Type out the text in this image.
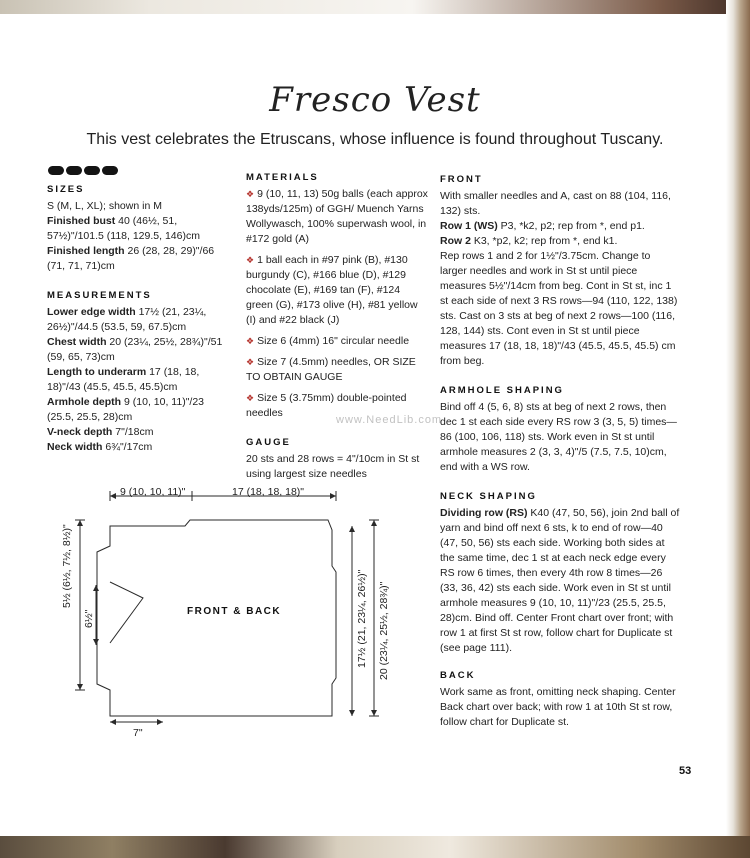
Fresco Vest
This vest celebrates the Etruscans, whose influence is found throughout Tuscany.
SIZES

S (M, L, XL); shown in M

Finished bust 40 (46½, 51, 57½)"/101.5 (118, 129.5, 146)cm

Finished length 26 (28, 28, 29)"/66 (71, 71, 71)cm

MEASUREMENTS

Lower edge width 17½ (21, 23¼, 26½)"/44.5 (53.5, 59, 67.5)cm

Chest width 20 (23¼, 25½, 28¾)"/51 (59, 65, 73)cm

Length to underarm 17 (18, 18, 18)"/43 (45.5, 45.5, 45.5)cm

Armhole depth 9 (10, 10, 11)"/23 (25.5, 25.5, 28)cm

V-neck depth 7"/18cm

Neck width 6¾"/17cm

MATERIALS

❖ 9 (10, 11, 13) 50g balls (each approx 138yds/125m) of GGH/ Muench Yarns Wollywasch, 100% superwash wool, in #172 gold (A)

❖ 1 ball each in #97 pink (B), #130 burgundy (C), #166 blue (D), #129 chocolate (E), #169 tan (F), #124 green (G), #173 olive (H), #81 yellow (I) and #22 black (J)

❖ Size 6 (4mm) 16" circular needle

❖ Size 7 (4.5mm) needles, OR SIZE TO OBTAIN GAUGE

❖ Size 5 (3.75mm) double-pointed needles

GAUGE

20 sts and 28 rows = 4"/10cm in St st using largest size needles

FRONT

With smaller needles and A, cast on 88 (104, 116, 132) sts.

Row 1 (WS) P3, *k2, p2; rep from *, end p1.

Row 2 K3, *p2, k2; rep from *, end k1.

Rep rows 1 and 2 for 1½"/3.75cm. Change to larger needles and work in St st until piece measures 5½"/14cm from beg. Cont in St st, inc 1 st each side of next 3 RS rows—94 (110, 122, 138) sts. Cast on 3 sts at beg of next 2 rows—100 (116, 128, 144) sts. Cont even in St st until piece measures 17 (18, 18, 18)"/43 (45.5, 45.5, 45.5) cm from beg.

ARMHOLE SHAPING

Bind off 4 (5, 6, 8) sts at beg of next 2 rows, then dec 1 st each side every RS row 3 (3, 5, 5) times—86 (100, 106, 118) sts. Work even in St st until armhole measures 2 (3, 3, 4)"/5 (7.5, 7.5, 10)cm, end with a WS row.

NECK SHAPING

Dividing row (RS) K40 (47, 50, 56), join 2nd ball of yarn and bind off next 6 sts, k to end of row—40 (47, 50, 56) sts each side. Working both sides at the same time, dec 1 st at each neck edge every RS row 6 times, then every 4th row 8 times—26 (33, 36, 42) sts each side. Work even in St st until armhole measures 9 (10, 10, 11)"/23 (25.5, 25.5, 28)cm. Bind off. Center Front chart over front; with row 1 at first St st row, follow chart for Duplicate st (see page 111).

BACK

Work same as front, omitting neck shaping. Center Back chart over back; with row 1 at 10th St st row, follow chart for Duplicate st.

www.NeedLib.com
FRONT & BACK
9 (10, 10, 11)"	17 (18, 18, 18)"
5½ (6½, 7½, 8½)"
6½"	17½ (21, 23¼, 26½)" 20 (23¼, 25½, 28¾)"
7"
53
